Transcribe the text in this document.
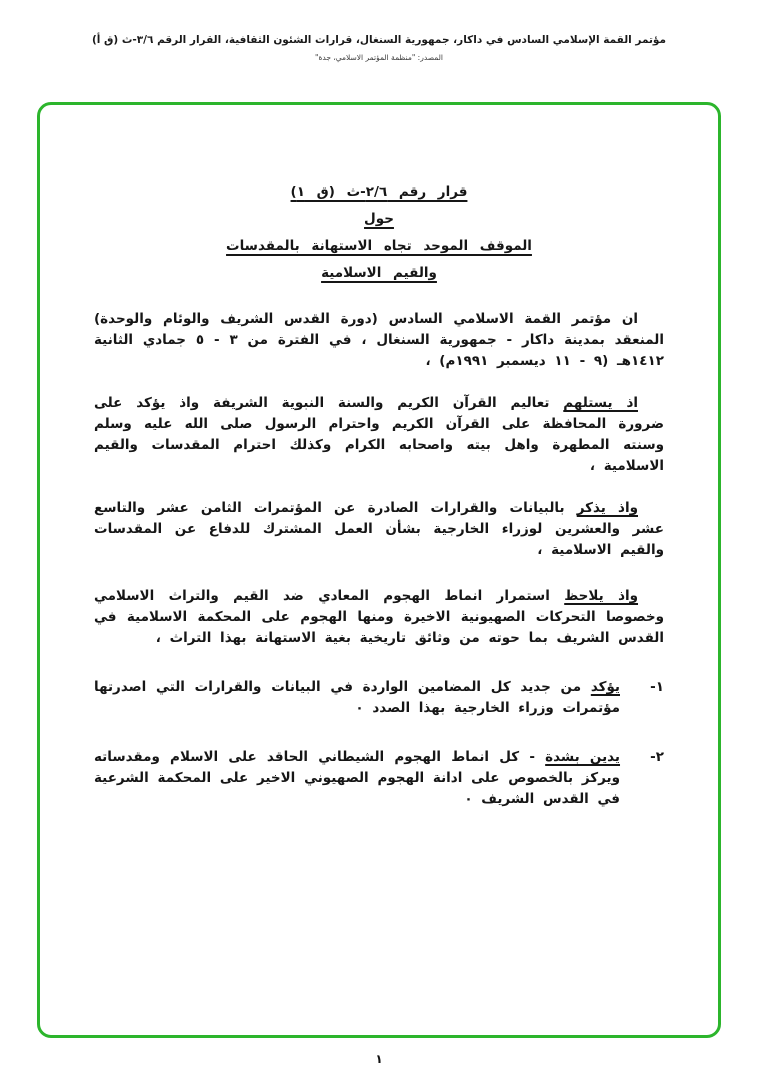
مؤتمر القمة الإسلامي السادس في داكار، جمهورية السنغال، قرارات الشئون الثقافية، القرار الرقم ٣/٦-ث (ق أ)
المصدر: "منظمة المؤتمر الاسلامي، جدة"
قرار رقم ٢/٦-ث (ق ١)
حول
الموقف الموحد تجاه الاستهانة بالمقدسات
والقيم الاسلامية

ان مؤتمر القمة الاسلامي السادس (دورة القدس الشريف والوئام والوحدة) المنعقد بمدينة داكار - جمهورية السنغال ، في الفترة من ٣ - ٥ جمادي الثانية ١٤١٢هـ (٩ - ١١ ديسمبر ١٩٩١م) ،

اذ يستلهم تعاليم القرآن الكريم والسنة النبوية الشريفة واذ يؤكد على ضرورة المحافظة على القرآن الكريم واحترام الرسول صلى الله عليه وسلم وسنته المطهرة واهل بيته واصحابه الكرام وكذلك احترام المقدسات والقيم الاسلامية ،

واذ يذكر بالبيانات والقرارات الصادرة عن المؤتمرات الثامن عشر والتاسع عشر والعشرين لوزراء الخارجية بشأن العمل المشترك للدفاع عن المقدسات والقيم الاسلامية ،

واذ يلاحظ استمرار انماط الهجوم المعادي ضد القيم والتراث الاسلامي وخصوصا التحركات الصهيونية الاخيرة ومنها الهجوم على المحكمة الاسلامية في القدس الشريف بما حوته من وثائق تاريخية بغية الاستهانة بهذا التراث ،

١-
يؤكد من جديد كل المضامين الواردة في البيانات والقرارات التي اصدرتها مؤتمرات وزراء الخارجية بهذا الصدد ٠
٢-
يدين بشدة - كل انماط الهجوم الشيطاني الحاقد على الاسلام ومقدساته ويركز بالخصوص على ادانة الهجوم الصهيوني الاخير على المحكمة الشرعية في القدس الشريف ٠
١
